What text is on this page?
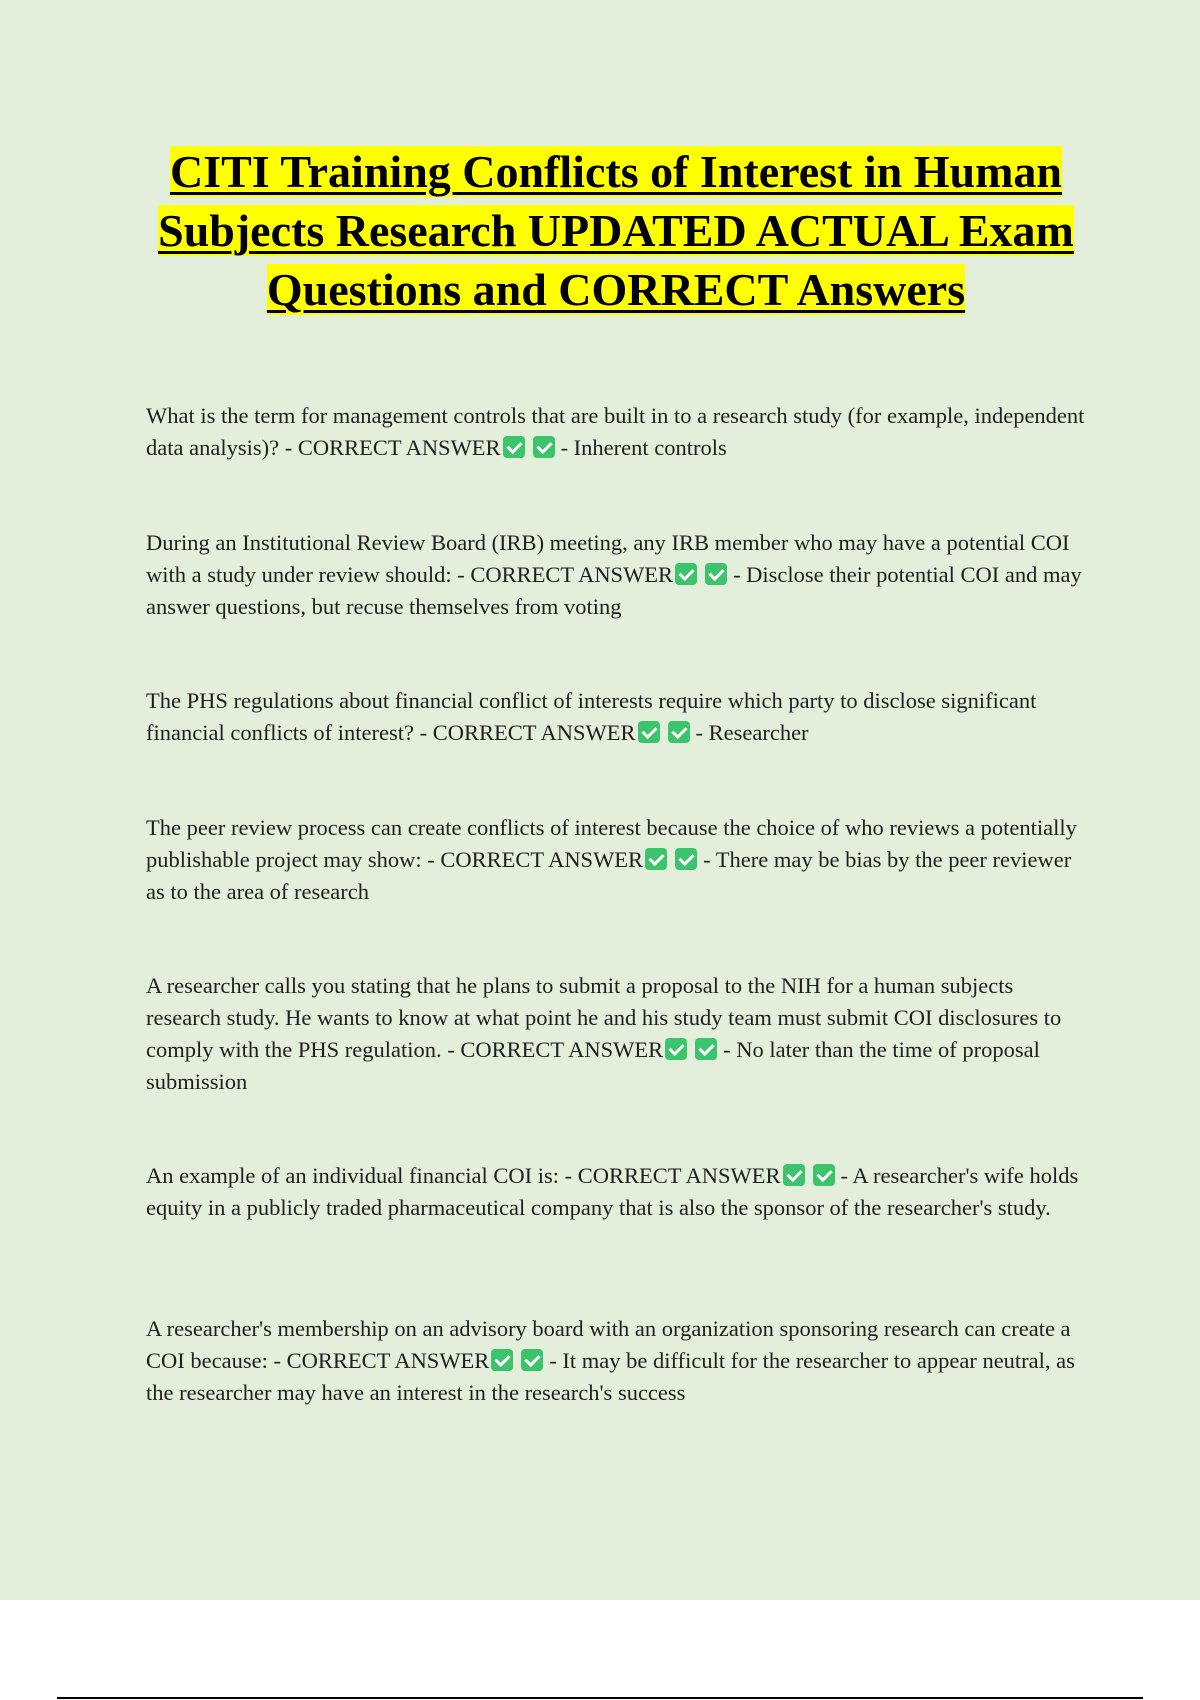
CITI Training Conflicts of Interest in Human Subjects Research UPDATED ACTUAL Exam Questions and CORRECT Answers

What is the term for management controls that are built in to a research study (for example, independent data analysis)? - CORRECT ANSWER	- Inherent controls

During an Institutional Review Board (IRB) meeting, any IRB member who may have a potential COI with a study under review should: - CORRECT ANSWER	- Disclose their potential COI and may answer questions, but recuse themselves from voting

The PHS regulations about financial conflict of interests require which party to disclose significant financial conflicts of interest? - CORRECT ANSWER	- Researcher

The peer review process can create conflicts of interest because the choice of who reviews a potentially publishable project may show: - CORRECT ANSWER	- There may be bias by the peer reviewer as to the area of research

A researcher calls you stating that he plans to submit a proposal to the NIH for a human subjects research study. He wants to know at what point he and his study team must submit COI disclosures to comply with the PHS regulation. - CORRECT ANSWER	- No later than the time of proposal submission

An example of an individual financial COI is: - CORRECT ANSWER	- A researcher's wife holds equity in a publicly traded pharmaceutical company that is also the sponsor of the researcher's study.

A researcher's membership on an advisory board with an organization sponsoring research can create a COI because: - CORRECT ANSWER	- It may be difficult for the researcher to appear neutral, as the researcher may have an interest in the research's success
